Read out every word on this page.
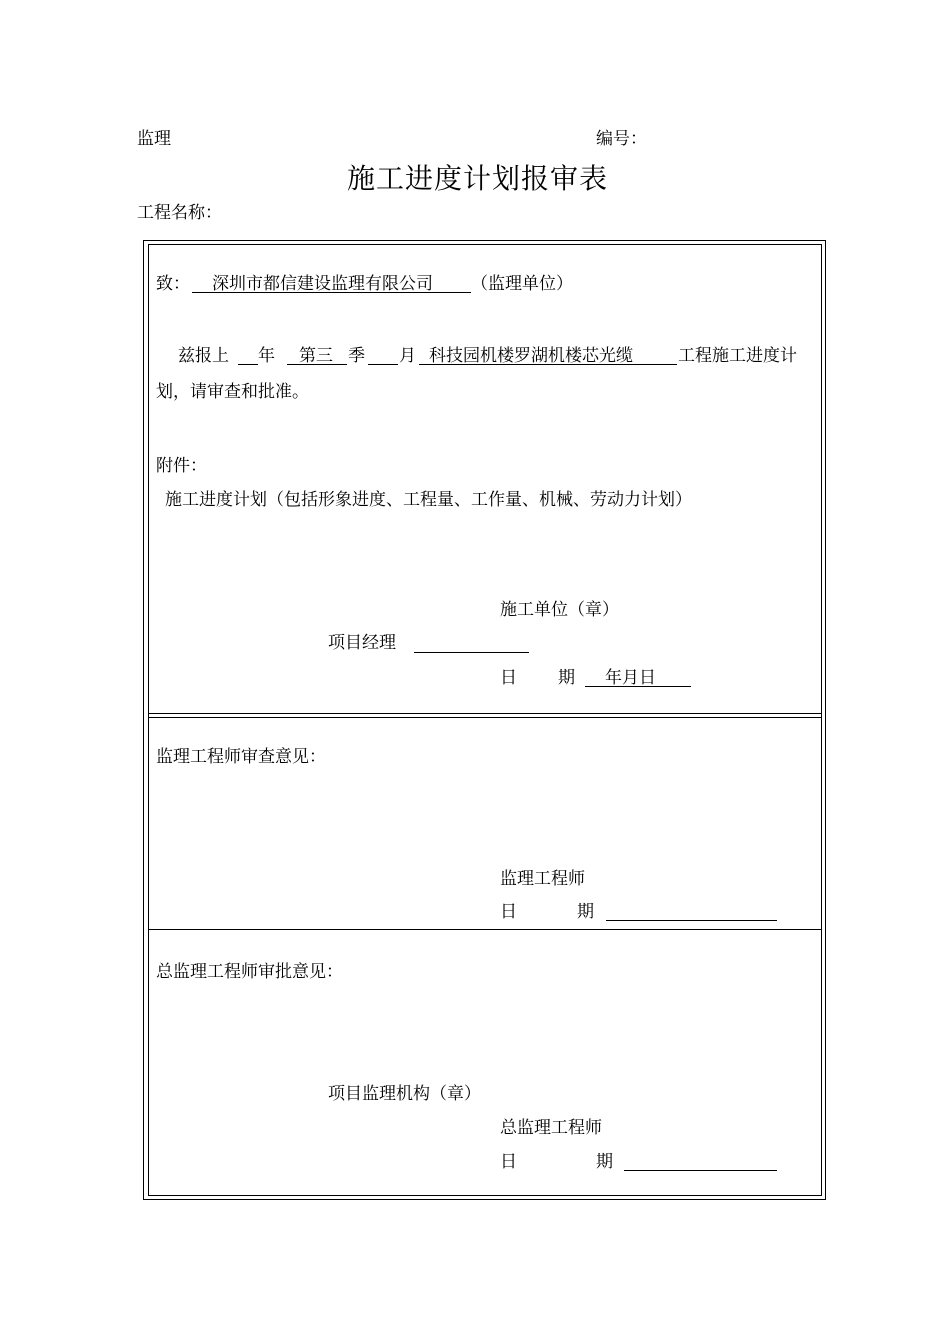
监理	编号：
施工进度计划报审表
工程名称：
致： 深圳市都信建设监理有限公司 （监理单位）
兹报上 年 第三 季 月 科技园机楼罗湖机楼芯光缆	工程施工进度计
划，请审查和批准。
附件：
施工进度计划（包括形象进度、工程量、工作量、机械、劳动力计划）
施工单位（章）
项目经理
日 期 年月日
监理工程师审查意见：
监理工程师
日	期
总监理工程师审批意见：
项目监理机构（章）
总监理工程师
日	期
